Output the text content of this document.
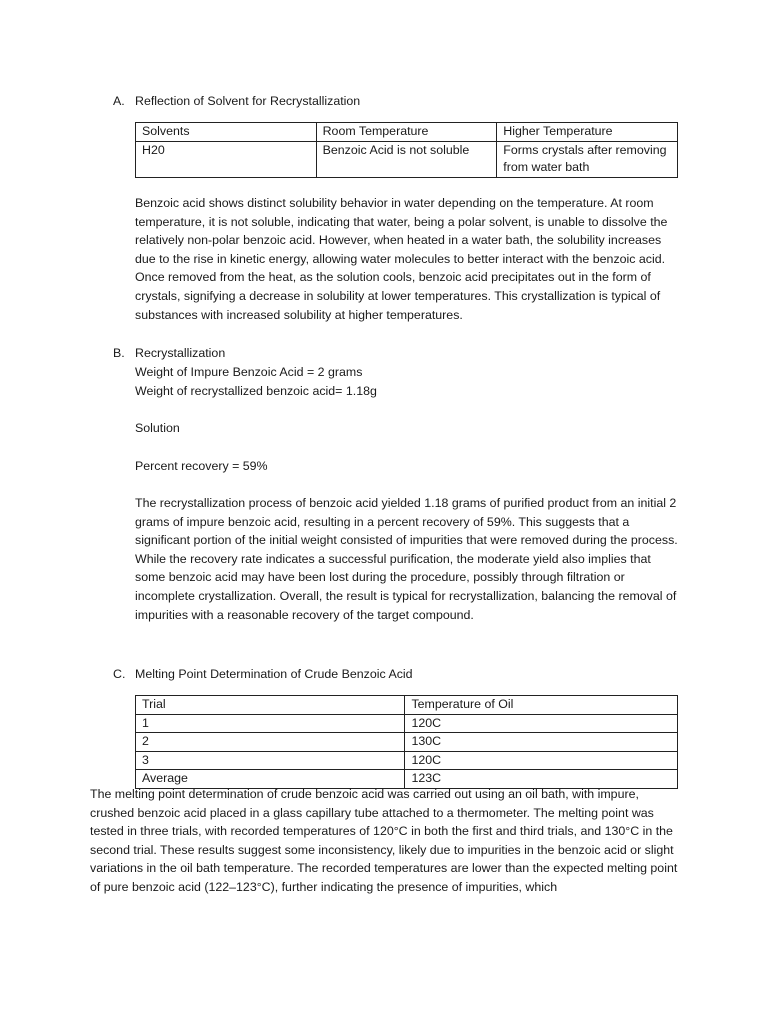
A. Reflection of Solvent for Recrystallization
Solvents	Room Temperature	Higher Temperature
H20	Benzoic Acid is not soluble	Forms crystals after removing from water bath
Benzoic acid shows distinct solubility behavior in water depending on the temperature. At room temperature, it is not soluble, indicating that water, being a polar solvent, is unable to dissolve the relatively non-polar benzoic acid. However, when heated in a water bath, the solubility increases due to the rise in kinetic energy, allowing water molecules to better interact with the benzoic acid. Once removed from the heat, as the solution cools, benzoic acid precipitates out in the form of crystals, signifying a decrease in solubility at lower temperatures. This crystallization is typical of substances with increased solubility at higher temperatures.
B. Recrystallization
Weight of Impure Benzoic Acid = 2 grams
Weight of recrystallized benzoic acid= 1.18g
Solution
Percent recovery = 59%
The recrystallization process of benzoic acid yielded 1.18 grams of purified product from an initial 2 grams of impure benzoic acid, resulting in a percent recovery of 59%. This suggests that a significant portion of the initial weight consisted of impurities that were removed during the process. While the recovery rate indicates a successful purification, the moderate yield also implies that some benzoic acid may have been lost during the procedure, possibly through filtration or incomplete crystallization. Overall, the result is typical for recrystallization, balancing the removal of impurities with a reasonable recovery of the target compound.
C. Melting Point Determination of Crude Benzoic Acid
Trial	Temperature of Oil
1	120C
2	130C
3	120C
Average	123C
The melting point determination of crude benzoic acid was carried out using an oil bath, with impure, crushed benzoic acid placed in a glass capillary tube attached to a thermometer. The melting point was tested in three trials, with recorded temperatures of 120°C in both the first and third trials, and 130°C in the second trial. These results suggest some inconsistency, likely due to impurities in the benzoic acid or slight variations in the oil bath temperature. The recorded temperatures are lower than the expected melting point of pure benzoic acid (122–123°C), further indicating the presence of impurities, which
